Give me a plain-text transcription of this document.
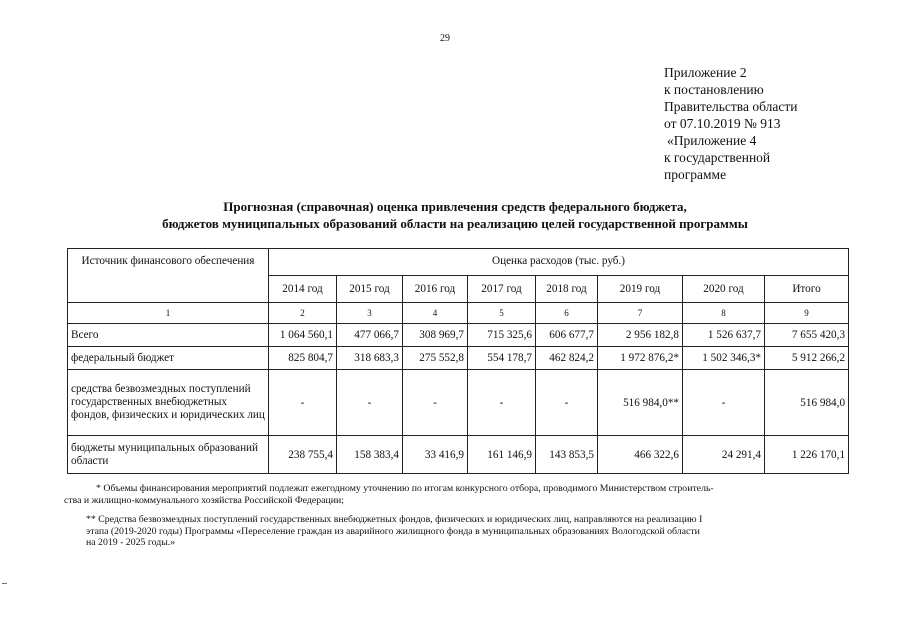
29
Приложение 2
к постановлению
Правительства области
от 07.10.2019 № 913
«Приложение 4
к государственной
программе
Прогнозная (справочная) оценка привлечения средств федерального бюджета,
бюджетов муниципальных образований области на реализацию целей государственной программы
Источник финансового обеспечения	Оценка расходов (тыс. руб.)							
	2014 год	2015 год	2016 год	2017 год	2018 год	2019 год	2020 год	Итого
1	2	3	4	5	6	7	8	9
Всего	1 064 560,1	477 066,7	308 969,7	715 325,6	606 677,7	2 956 182,8	1 526 637,7	7 655 420,3
федеральный бюджет	825 804,7	318 683,3	275 552,8	554 178,7	462 824,2	1 972 876,2*	1 502 346,3*	5 912 266,2
средства безвозмездных поступлений государственных внебюджетных фондов, физических и юридических лиц	-	-	-	-	-	516 984,0**	-	516 984,0
бюджеты муниципальных образований области	238 755,4	158 383,4	33 416,9	161 146,9	143 853,5	466 322,6	24 291,4	1 226 170,1

* Объемы финансирования мероприятий подлежат ежегодному уточнению по итогам конкурсного отбора, проводимого Министерством строитель-

ства и жилищно-коммунального хозяйства Российской Федерации;

** Средства безвозмездных поступлений государственных внебюджетных фондов, физических и юридических лиц, направляются на реализацию I

этапа (2019-2020 годы) Программы «Переселение граждан из аварийного жилищного фонда в муниципальных образованиях Вологодской области

на 2019 - 2025 годы.»
